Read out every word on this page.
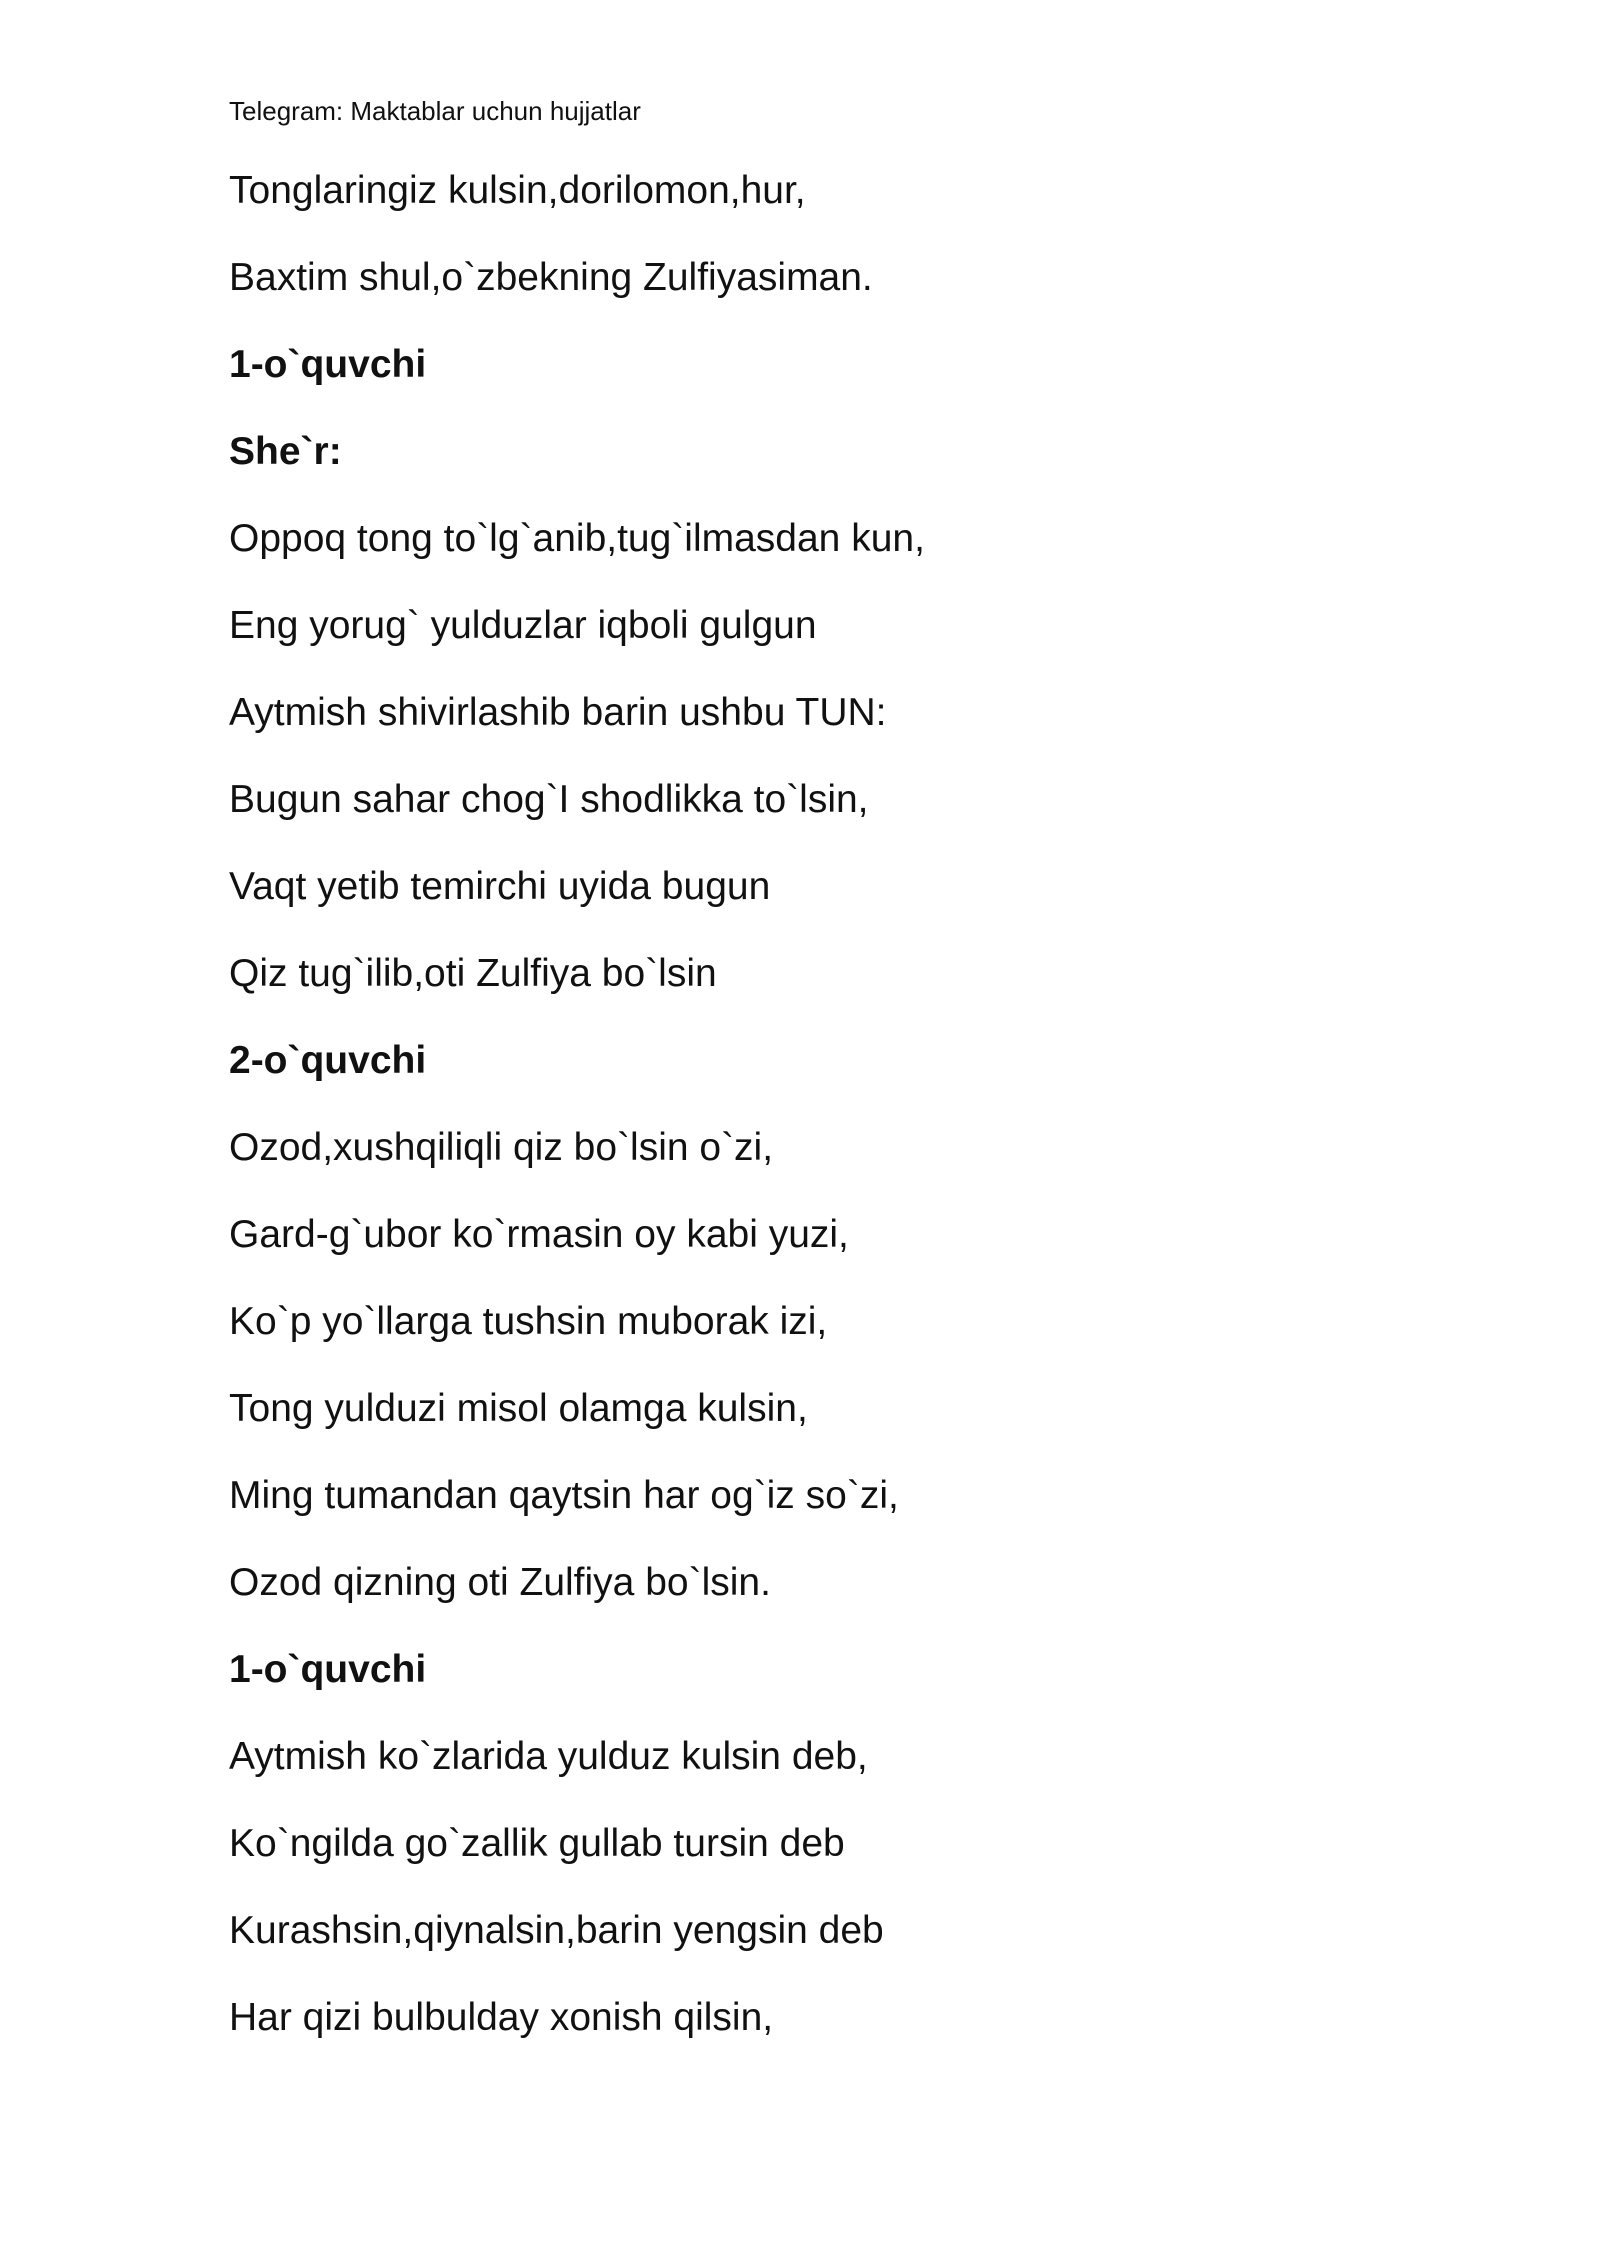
Telegram: Maktablar uchun hujjatlar
Tonglaringiz kulsin,dorilomon,hur,
Baxtim shul,o`zbekning Zulfiyasiman.
1-o`quvchi
She`r:
Oppoq tong to`lg`anib,tug`ilmasdan kun,
Eng yorug` yulduzlar iqboli gulgun
Aytmish shivirlashib barin ushbu TUN:
Bugun sahar chog`I shodlikka to`lsin,
Vaqt yetib temirchi uyida bugun
Qiz tug`ilib,oti Zulfiya bo`lsin
2-o`quvchi
Ozod,xushqiliqli qiz bo`lsin o`zi,
Gard-g`ubor ko`rmasin oy kabi yuzi,
Ko`p yo`llarga tushsin muborak izi,
Tong yulduzi misol olamga kulsin,
Ming tumandan qaytsin har og`iz so`zi,
Ozod qizning oti Zulfiya bo`lsin.
1-o`quvchi
Aytmish ko`zlarida yulduz kulsin deb,
Ko`ngilda go`zallik gullab tursin deb
Kurashsin,qiynalsin,barin yengsin deb
Har qizi bulbulday xonish qilsin,
